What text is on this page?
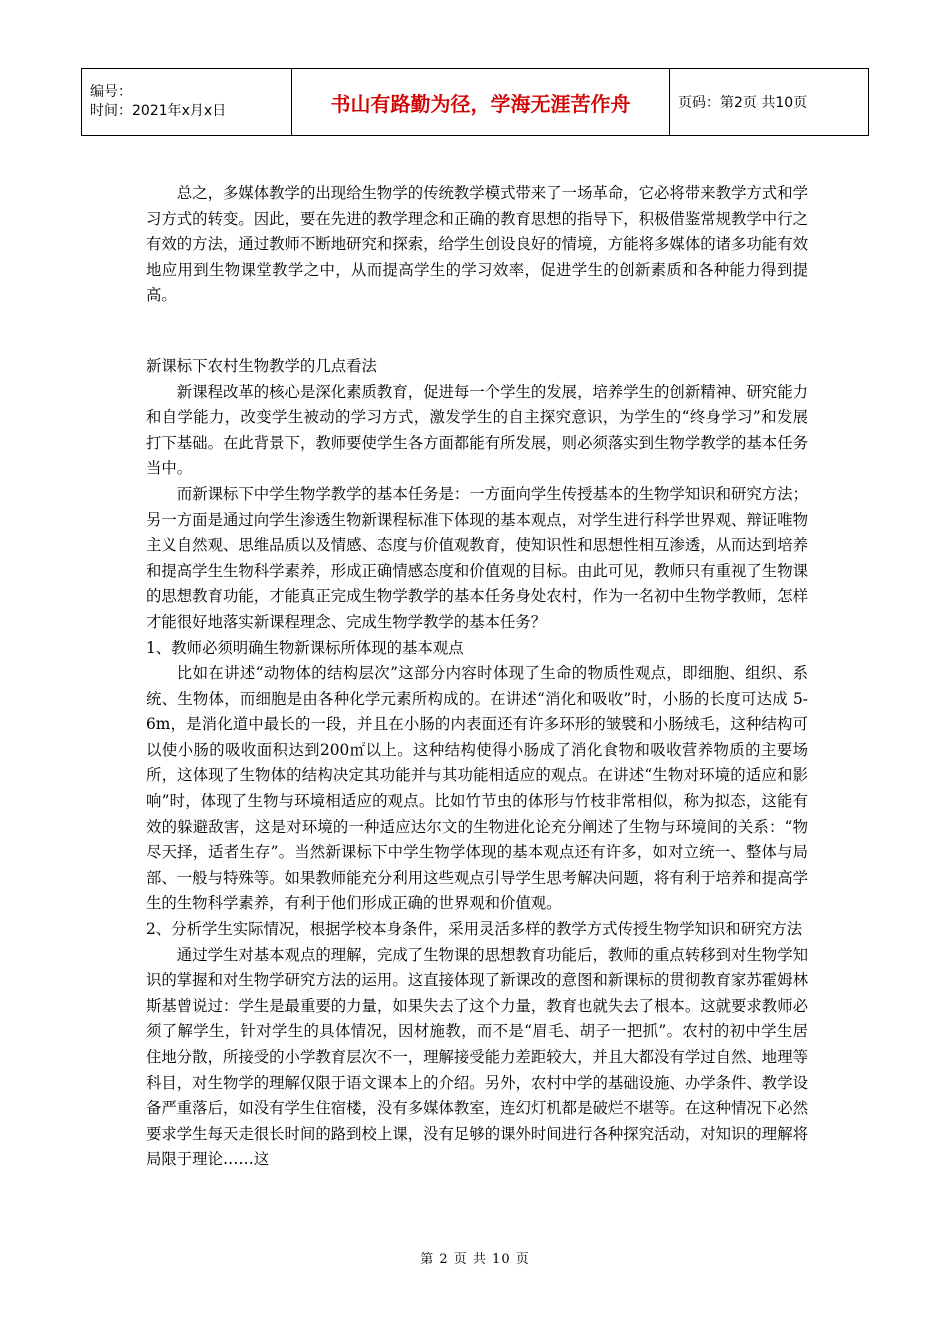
编号：
时间：2021年x月x日	书山有路勤为径，学海无涯苦作舟	页码：第2页 共10页

总之，多媒体教学的出现给生物学的传统教学模式带来了一场革命，它必将带来教学方式和学习方式的转变。因此，要在先进的教学理念和正确的教育思想的指导下，积极借鉴常规教学中行之有效的方法，通过教师不断地研究和探索，给学生创设良好的情境，方能将多媒体的诸多功能有效地应用到生物课堂教学之中，从而提高学生的学习效率，促进学生的创新素质和各种能力得到提高。

新课标下农村生物教学的几点看法

新课程改革的核心是深化素质教育，促进每一个学生的发展，培养学生的创新精神、研究能力和自学能力，改变学生被动的学习方式，激发学生的自主探究意识，为学生的“终身学习”和发展打下基础。在此背景下，教师要使学生各方面都能有所发展，则必须落实到生物学教学的基本任务当中。

而新课标下中学生物学教学的基本任务是：一方面向学生传授基本的生物学知识和研究方法；另一方面是通过向学生渗透生物新课程标准下体现的基本观点，对学生进行科学世界观、辩证唯物主义自然观、思维品质以及情感、态度与价值观教育，使知识性和思想性相互渗透，从而达到培养和提高学生生物科学素养，形成正确情感态度和价值观的目标。由此可见，教师只有重视了生物课的思想教育功能，才能真正完成生物学教学的基本任务身处农村，作为一名初中生物学教师，怎样才能很好地落实新课程理念、完成生物学教学的基本任务？

1、教师必须明确生物新课标所体现的基本观点

比如在讲述“动物体的结构层次”这部分内容时体现了生命的物质性观点，即细胞、组织、系统、生物体，而细胞是由各种化学元素所构成的。在讲述“消化和吸收”时，小肠的长度可达成 5-6m，是消化道中最长的一段，并且在小肠的内表面还有许多环形的皱襞和小肠绒毛，这种结构可以使小肠的吸收面积达到200㎡以上。这种结构使得小肠成了消化食物和吸收营养物质的主要场所，这体现了生物体的结构决定其功能并与其功能相适应的观点。在讲述“生物对环境的适应和影响”时，体现了生物与环境相适应的观点。比如竹节虫的体形与竹枝非常相似，称为拟态，这能有效的躲避敌害，这是对环境的一种适应达尔文的生物进化论充分阐述了生物与环境间的关系：“物尽天择，适者生存”。当然新课标下中学生物学体现的基本观点还有许多，如对立统一、整体与局部、一般与特殊等。如果教师能充分利用这些观点引导学生思考解决问题，将有利于培养和提高学生的生物科学素养，有利于他们形成正确的世界观和价值观。

2、分析学生实际情况，根据学校本身条件，采用灵活多样的教学方式传授生物学知识和研究方法

通过学生对基本观点的理解，完成了生物课的思想教育功能后，教师的重点转移到对生物学知识的掌握和对生物学研究方法的运用。这直接体现了新课改的意图和新课标的贯彻教育家苏霍姆林斯基曾说过：学生是最重要的力量，如果失去了这个力量，教育也就失去了根本。这就要求教师必须了解学生，针对学生的具体情况，因材施教，而不是“眉毛、胡子一把抓”。农村的初中学生居住地分散，所接受的小学教育层次不一，理解接受能力差距较大，并且大都没有学过自然、地理等科目，对生物学的理解仅限于语文课本上的介绍。另外，农村中学的基础设施、办学条件、教学设备严重落后，如没有学生住宿楼，没有多媒体教室，连幻灯机都是破烂不堪等。在这种情况下必然要求学生每天走很长时间的路到校上课，没有足够的课外时间进行各种探究活动，对知识的理解将局限于理论……这

第 2 页 共 10 页
